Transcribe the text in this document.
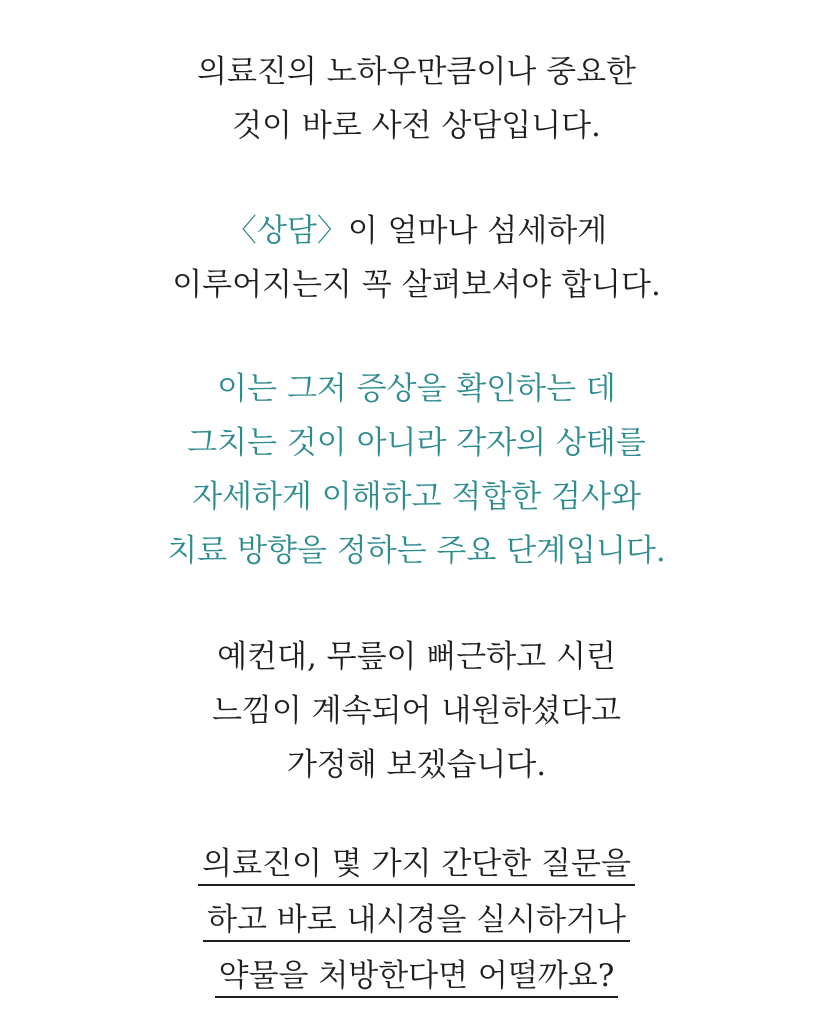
의료진의 노하우만큼이나 중요한
것이 바로 사전 상담입니다.
〈상담〉이 얼마나 섬세하게
이루어지는지 꼭 살펴보셔야 합니다.
이는 그저 증상을 확인하는 데
그치는 것이 아니라 각자의 상태를
자세하게 이해하고 적합한 검사와
치료 방향을 정하는 주요 단계입니다.
예컨대, 무릎이 뻐근하고 시린
느낌이 계속되어 내원하셨다고
가정해 보겠습니다.
의료진이 몇 가지 간단한 질문을
하고 바로 내시경을 실시하거나
약물을 처방한다면 어떨까요?
